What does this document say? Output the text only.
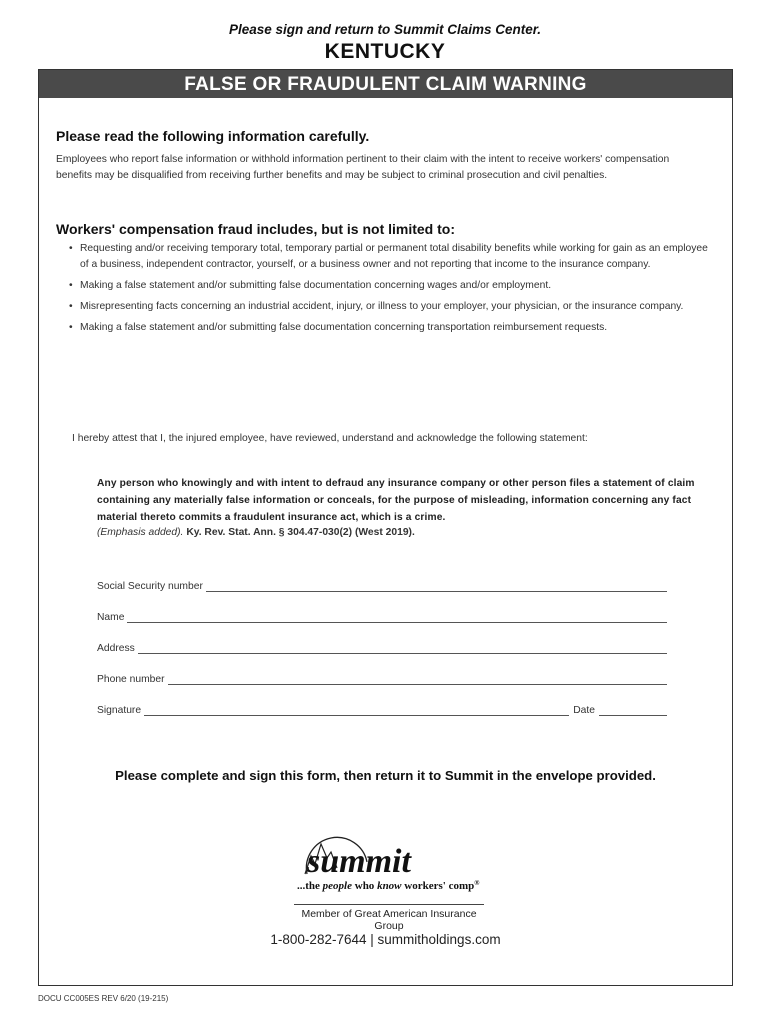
Please sign and return to Summit Claims Center.
KENTUCKY
FALSE OR FRAUDULENT CLAIM WARNING
Please read the following information carefully.
Employees who report false information or withhold information pertinent to their claim with the intent to receive workers' compensation benefits may be disqualified from receiving further benefits and may be subject to criminal prosecution and civil penalties.
Workers' compensation fraud includes, but is not limited to:
• Requesting and/or receiving temporary total, temporary partial or permanent total disability benefits while working for gain as an employee of a business, independent contractor, yourself, or a business owner and not reporting that income to the insurance company.
• Making a false statement and/or submitting false documentation concerning wages and/or employment.
• Misrepresenting facts concerning an industrial accident, injury, or illness to your employer, your physician, or the insurance company.
• Making a false statement and/or submitting false documentation concerning transportation reimbursement requests.
I hereby attest that I, the injured employee, have reviewed, understand and acknowledge the following statement:
Any person who knowingly and with intent to defraud any insurance company or other person files a statement of claim containing any materially false information or conceals, for the purpose of misleading, information concerning any fact material thereto commits a fraudulent insurance act, which is a crime.
(Emphasis added). Ky. Rev. Stat. Ann. § 304.47-030(2) (West 2019).
Social Security number
Name
Address
Phone number
Signature	Date
Please complete and sign this form, then return it to Summit in the envelope provided.
summit
...the people who know workers' comp®
Member of Great American Insurance Group
1-800-282-7644 | summitholdings.com
DOCU CC005ES REV 6/20 (19-215)
